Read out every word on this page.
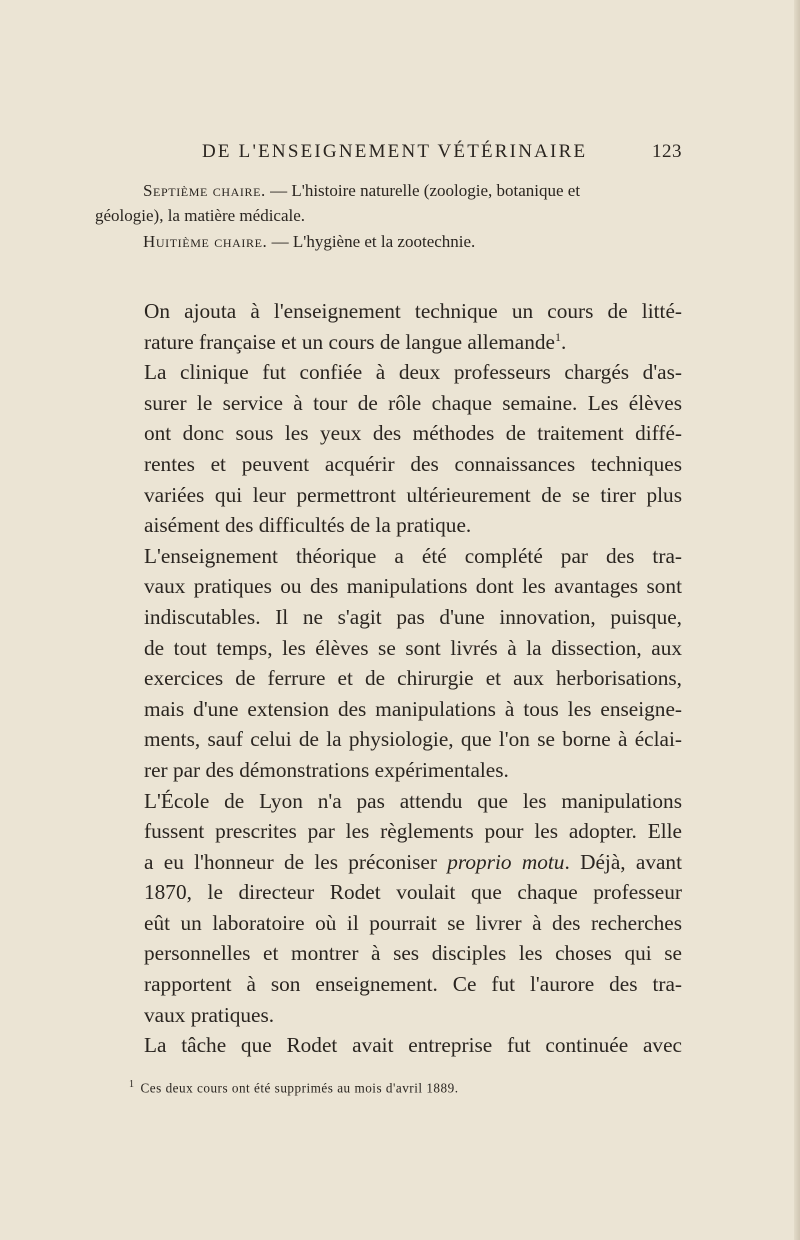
DE L'ENSEIGNEMENT VÉTÉRINAIRE	123

Septième chaire. — L'histoire naturelle (zoologie, botanique et
géologie), la matière médicale.

Huitième chaire. — L'hygiène et la zootechnie.

On ajouta à l'enseignement technique un cours de litté-
rature française et un cours de langue allemande$^1$.

La clinique fut confiée à deux professeurs chargés d'as-
surer le service à tour de rôle chaque semaine. Les élèves
ont donc sous les yeux des méthodes de traitement diffé-
rentes et peuvent acquérir des connaissances techniques
variées qui leur permettront ultérieurement de se tirer plus
aisément des difficultés de la pratique.

L'enseignement théorique a été complété par des tra-
vaux pratiques ou des manipulations dont les avantages sont
indiscutables. Il ne s'agit pas d'une innovation, puisque,
de tout temps, les élèves se sont livrés à la dissection, aux
exercices de ferrure et de chirurgie et aux herborisations,
mais d'une extension des manipulations à tous les enseigne-
ments, sauf celui de la physiologie, que l'on se borne à éclai-
rer par des démonstrations expérimentales.

L'École de Lyon n'a pas attendu que les manipulations
fussent prescrites par les règlements pour les adopter. Elle
a eu l'honneur de les préconiser proprio motu. Déjà, avant
1870, le directeur Rodet voulait que chaque professeur
eût un laboratoire où il pourrait se livrer à des recherches
personnelles et montrer à ses disciples les choses qui se
rapportent à son enseignement. Ce fut l'aurore des tra-
vaux pratiques.

La tâche que Rodet avait entreprise fut continuée avec

$^1$ Ces deux cours ont été supprimés au mois d'avril 1889.
